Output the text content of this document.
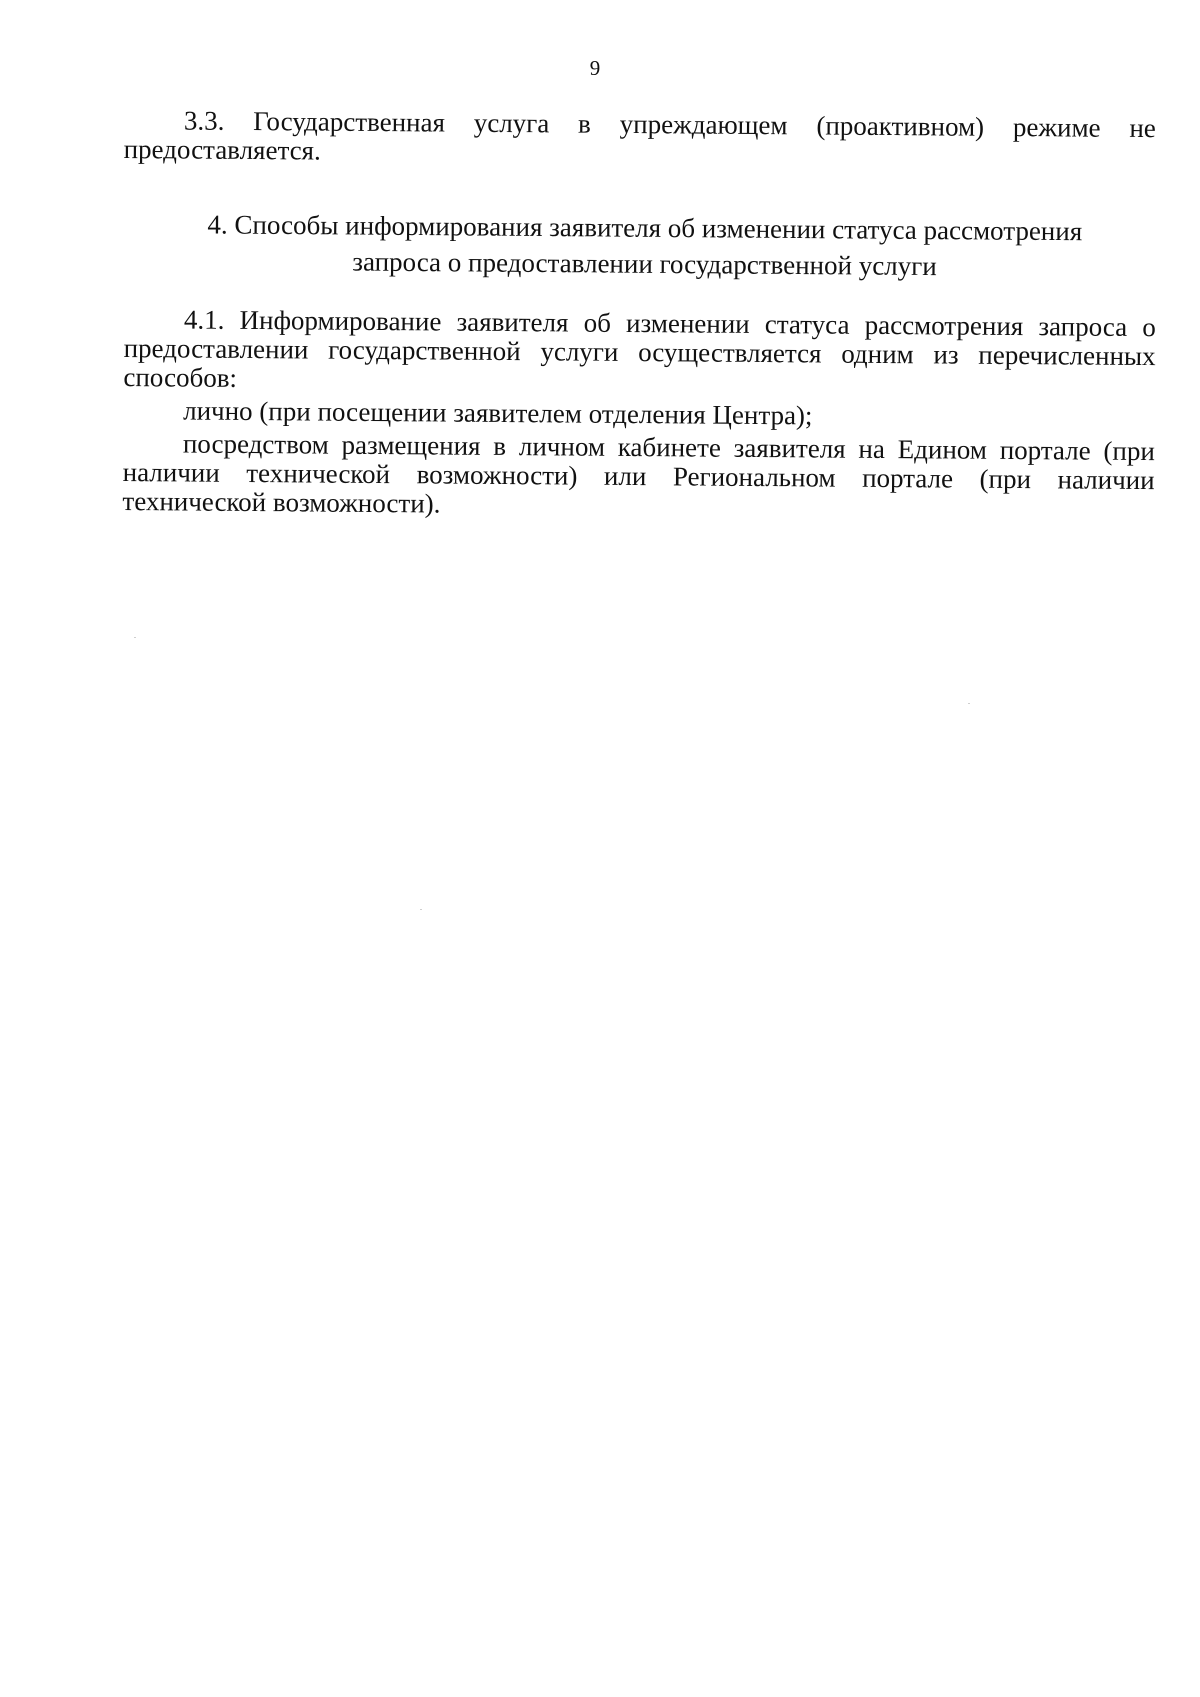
9

3.3. Государственная услуга в упреждающем (проактивном) режиме не предоставляется.

4. Способы информирования заявителя об изменении статуса рассмотрения
запроса о предоставлении государственной услуги

4.1. Информирование заявителя об изменении статуса рассмотрения запроса о предоставлении государственной услуги осуществляется одним из перечисленных способов:

лично (при посещении заявителем отделения Центра);

посредством размещения в личном кабинете заявителя на Едином портале (при наличии технической возможности) или Региональном портале (при наличии технической возможности).
